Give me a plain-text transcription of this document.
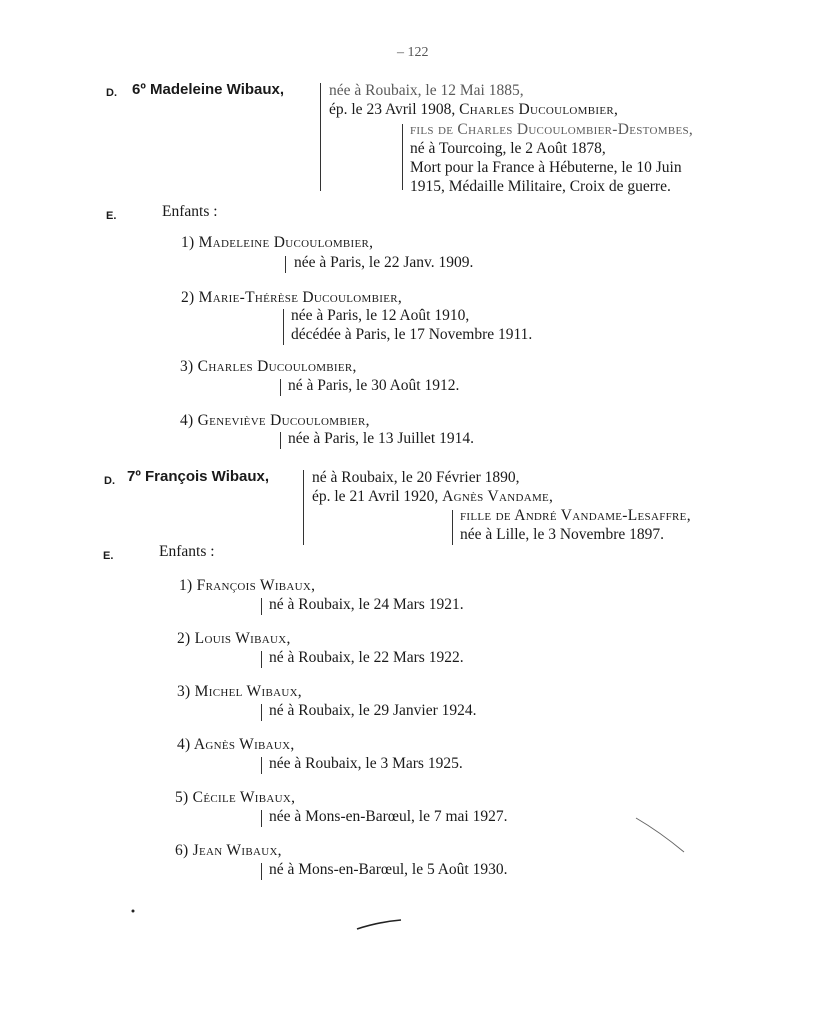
– 122
D. 6º Madeleine Wibaux,	née à Roubaix, le 12 Mai 1885,
ép. le 23 Avril 1908, Charles Ducoulombier,
fils de Charles Ducoulombier-Destombes,
né à Tourcoing, le 2 Août 1878,
Mort pour la France à Hébuterne, le 10 Juin
1915, Médaille Militaire, Croix de guerre.
E.	Enfants :
1) Madeleine Ducoulombier,
née à Paris, le 22 Janv. 1909.
2) Marie-Thérèse Ducoulombier,
née à Paris, le 12 Août 1910,
décédée à Paris, le 17 Novembre 1911.
3) Charles Ducoulombier,
né à Paris, le 30 Août 1912.
4) Geneviève Ducoulombier,
née à Paris, le 13 Juillet 1914.
D. 7º François Wibaux,	né à Roubaix, le 20 Février 1890,
ép. le 21 Avril 1920, Agnès Vandame,
fille de André Vandame-Lesaffre,
née à Lille, le 3 Novembre 1897.
E.	Enfants :
1) François Wibaux,
né à Roubaix, le 24 Mars 1921.
2) Louis Wibaux,
né à Roubaix, le 22 Mars 1922.
3) Michel Wibaux,
né à Roubaix, le 29 Janvier 1924.
4) Agnès Wibaux,
née à Roubaix, le 3 Mars 1925.
5) Cécile Wibaux,
née à Mons-en-Barœul, le 7 mai 1927.
6) Jean Wibaux,
né à Mons-en-Barœul, le 5 Août 1930.
